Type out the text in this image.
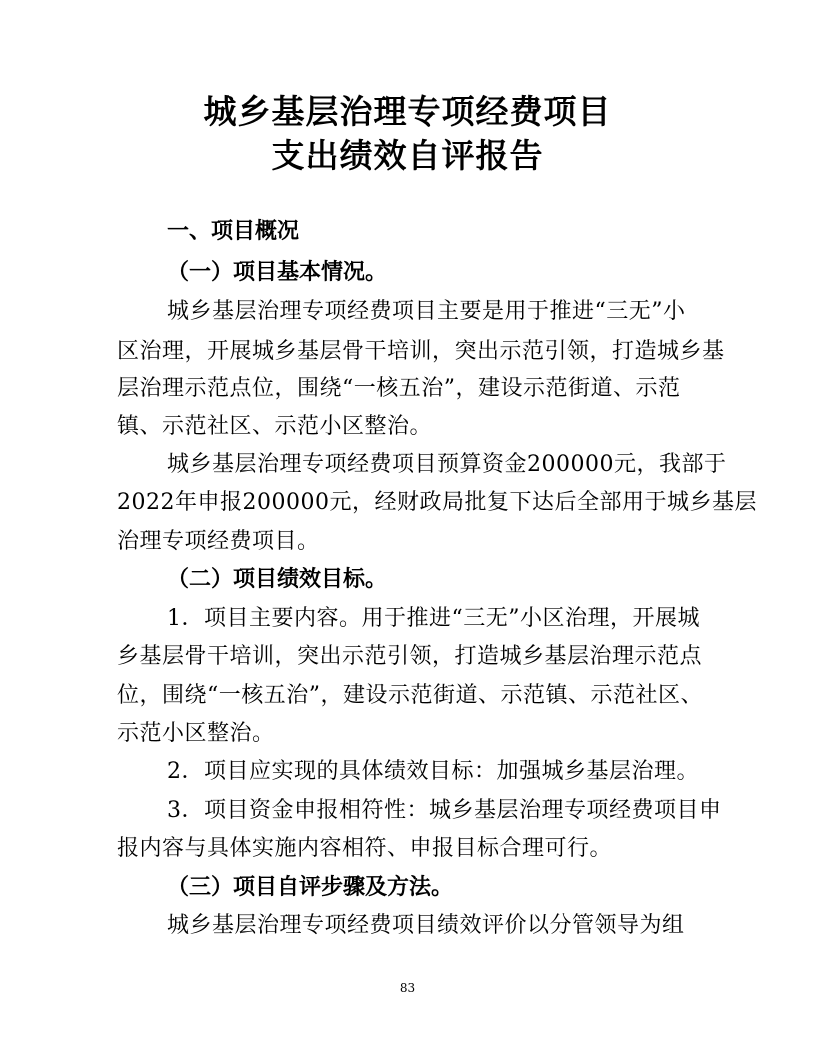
城乡基层治理专项经费项目
支出绩效自评报告
一、项目概况
（一）项目基本情况。
城乡基层治理专项经费项目主要是用于推进“三无”小
区治理，开展城乡基层骨干培训，突出示范引领，打造城乡基
层治理示范点位，围绕“一核五治”，建设示范街道、示范
镇、示范社区、示范小区整治。
城乡基层治理专项经费项目预算资金200000元，我部于
2022年申报200000元，经财政局批复下达后全部用于城乡基层
治理专项经费项目。
（二）项目绩效目标。
1．项目主要内容。用于推进“三无”小区治理，开展城
乡基层骨干培训，突出示范引领，打造城乡基层治理示范点
位，围绕“一核五治”，建设示范街道、示范镇、示范社区、
示范小区整治。
2．项目应实现的具体绩效目标：加强城乡基层治理。
3．项目资金申报相符性：城乡基层治理专项经费项目申
报内容与具体实施内容相符、申报目标合理可行。
（三）项目自评步骤及方法。
城乡基层治理专项经费项目绩效评价以分管领导为组
83
